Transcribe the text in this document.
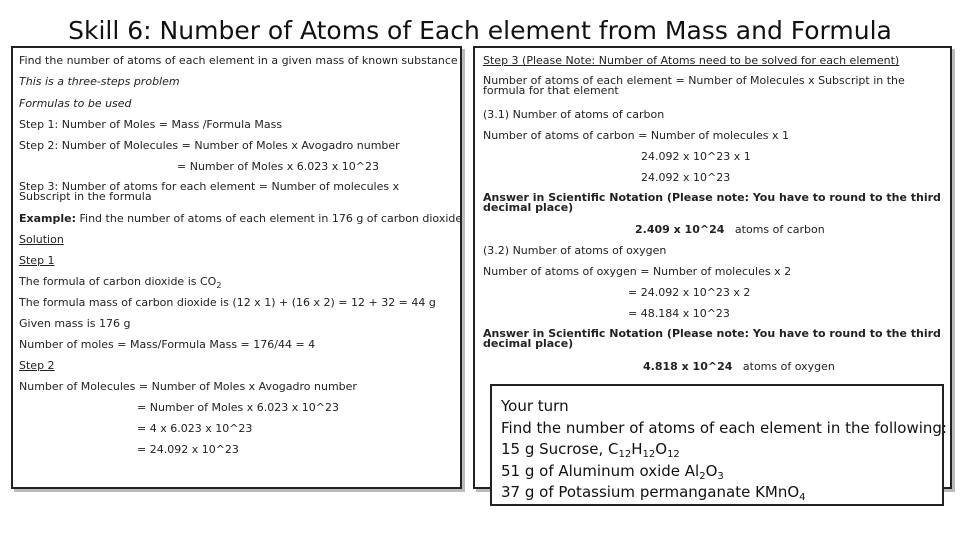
Skill 6: Number of Atoms of Each element from Mass and Formula
Find the number of atoms of each element in a given mass of known substance
This is a three-steps problem
Formulas to be used
Step 1: Number of Moles = Mass /Formula Mass
Step 2: Number of Molecules = Number of Moles x Avogadro number
= Number of Moles x 6.023 x 10^23
Step 3: Number of atoms for each element = Number of molecules x Subscript in the formula
Example: Find the number of atoms of each element in 176 g of carbon dioxide
Solution
Step 1
The formula of carbon dioxide is $CO_2$
The formula mass of carbon dioxide is (12 x 1) + (16 x 2) = 12 + 32 = 44 g
Given mass is 176 g
Number of moles = Mass/Formula Mass = 176/44 = 4
Step 2
Number of Molecules = Number of Moles x Avogadro number
= Number of Moles x 6.023 x 10^23
= 4 x 6.023 x 10^23
= 24.092 x 10^23
Step 3 (Please Note: Number of Atoms need to be solved for each element)
Number of atoms of each element = Number of Molecules x Subscript in the formula for that element
(3.1) Number of atoms of carbon
Number of atoms of carbon = Number of molecules x 1
24.092 x 10^23 x 1
24.092 x 10^23
Answer in Scientific Notation (Please note: You have to round to the third decimal place)
2.409 x 10^24 atoms of carbon
(3.2) Number of atoms of oxygen
Number of atoms of oxygen = Number of molecules x 2
= 24.092 x 10^23 x 2
= 48.184 x 10^23
Answer in Scientific Notation (Please note: You have to round to the third decimal place)
4.818 x 10^24 atoms of oxygen
Your turn
Find the number of atoms of each element in the following:
15 g Sucrose, $C_{12}H_{12}O_{12}$
51 g of Aluminum oxide $Al_2O_3$
37 g of Potassium permanganate KMnO$_4$
